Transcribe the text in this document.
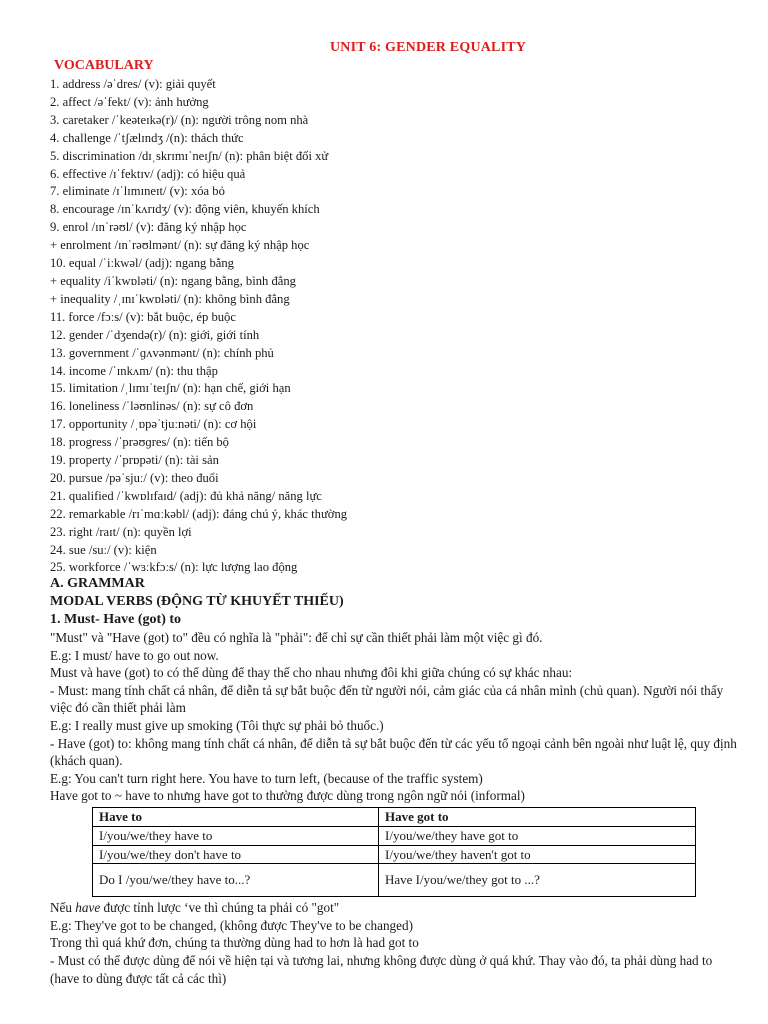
UNIT 6: GENDER EQUALITY
VOCABULARY
1. address /əˈdres/ (v): giải quyết
2. affect /əˈfekt/ (v): ảnh hưởng
3. caretaker /ˈkeəteɪkə(r)/ (n): người trông nom nhà
4. challenge /ˈtʃælɪndʒ /(n): thách thức
5. discrimination /dɪˌskrɪmɪˈneɪʃn/ (n): phân biệt đối xử
6. effective /ɪˈfektɪv/ (adj): có hiệu quả
7. eliminate /ɪˈlɪmɪneɪt/ (v): xóa bỏ
8. encourage /ɪnˈkʌrɪdʒ/ (v): động viên, khuyến khích
9. enrol /ɪnˈrəʊl/ (v): đăng ký nhập học
+ enrolment /ɪnˈrəʊlmənt/ (n): sự đăng ký nhập học
10. equal /ˈiːkwəl/ (adj): ngang bằng
+ equality /iˈkwɒləti/ (n): ngang bằng, bình đẳng
+ inequality /ˌɪnɪˈkwɒləti/ (n): không bình đẳng
11. force /fɔːs/ (v): bắt buộc, ép buộc
12. gender /ˈdʒendə(r)/ (n): giới, giới tính
13. government /ˈɡʌvənmənt/ (n): chính phủ
14. income /ˈɪnkʌm/ (n): thu thập
15. limitation /ˌlɪmɪˈteɪʃn/ (n): hạn chế, giới hạn
16. loneliness /ˈləʊnlinəs/ (n): sự cô đơn
17. opportunity /ˌɒpəˈtjuːnəti/ (n): cơ hội
18. progress /ˈprəʊɡres/ (n): tiến bộ
19. property /ˈprɒpəti/ (n): tài sản
20. pursue /pəˈsjuː/ (v): theo đuổi
21. qualified /ˈkwɒlɪfaɪd/ (adj): đủ khả năng/ năng lực
22. remarkable /rɪˈmɑːkəbl/ (adj): đáng chú ý, khác thường
23. right /raɪt/ (n): quyền lợi
24. sue /suː/ (v): kiện
25. workforce /ˈwɜːkfɔːs/ (n): lực lượng lao động

A. GRAMMAR

MODAL VERBS (ĐỘNG TỪ KHUYẾT THIẾU)

1. Must- Have (got) to

"Must" và "Have (got) to" đều có nghĩa là "phải": để chỉ sự cần thiết phải làm một việc gì đó.

E.g: I must/ have to go out now.

Must và have (got) to có thể dùng để thay thế cho nhau nhưng đôi khi giữa chúng có sự khác nhau:

- Must: mang tính chất cá nhân, để diễn tả sự bắt buộc đến từ người nói, cảm giác của cá nhân mình (chủ quan). Người nói thấy việc đó cần thiết phải làm

E.g: I really must give up smoking (Tôi thực sự phải bỏ thuốc.)

- Have (got) to: không mang tính chất cá nhân, để diễn tả sự bắt buộc đến từ các yếu tố ngoại cảnh bên ngoài như luật lệ, quy định (khách quan).

E.g: You can't turn right here. You have to turn left, (because of the traffic system)

Have got to ~ have to nhưng have got to thường được dùng trong ngôn ngữ nói (informal)

Have to	Have got to
I/you/we/they have to	I/you/we/they have got to
I/you/we/they don't have to	I/you/we/they haven't got to
Do I /you/we/they have to...?	Have I/you/we/they got to ...?

Nếu have được tỉnh lược ‘ve thì chúng ta phải có "got"

E.g: They've got to be changed, (không được They've to be changed)

Trong thì quá khứ đơn, chúng ta thường dùng had to hơn là had got to

- Must có thể được dùng để nói về hiện tại và tương lai, nhưng không được dùng ở quá khứ. Thay vào đó, ta phải dùng had to (have to dùng được tất cả các thì)
